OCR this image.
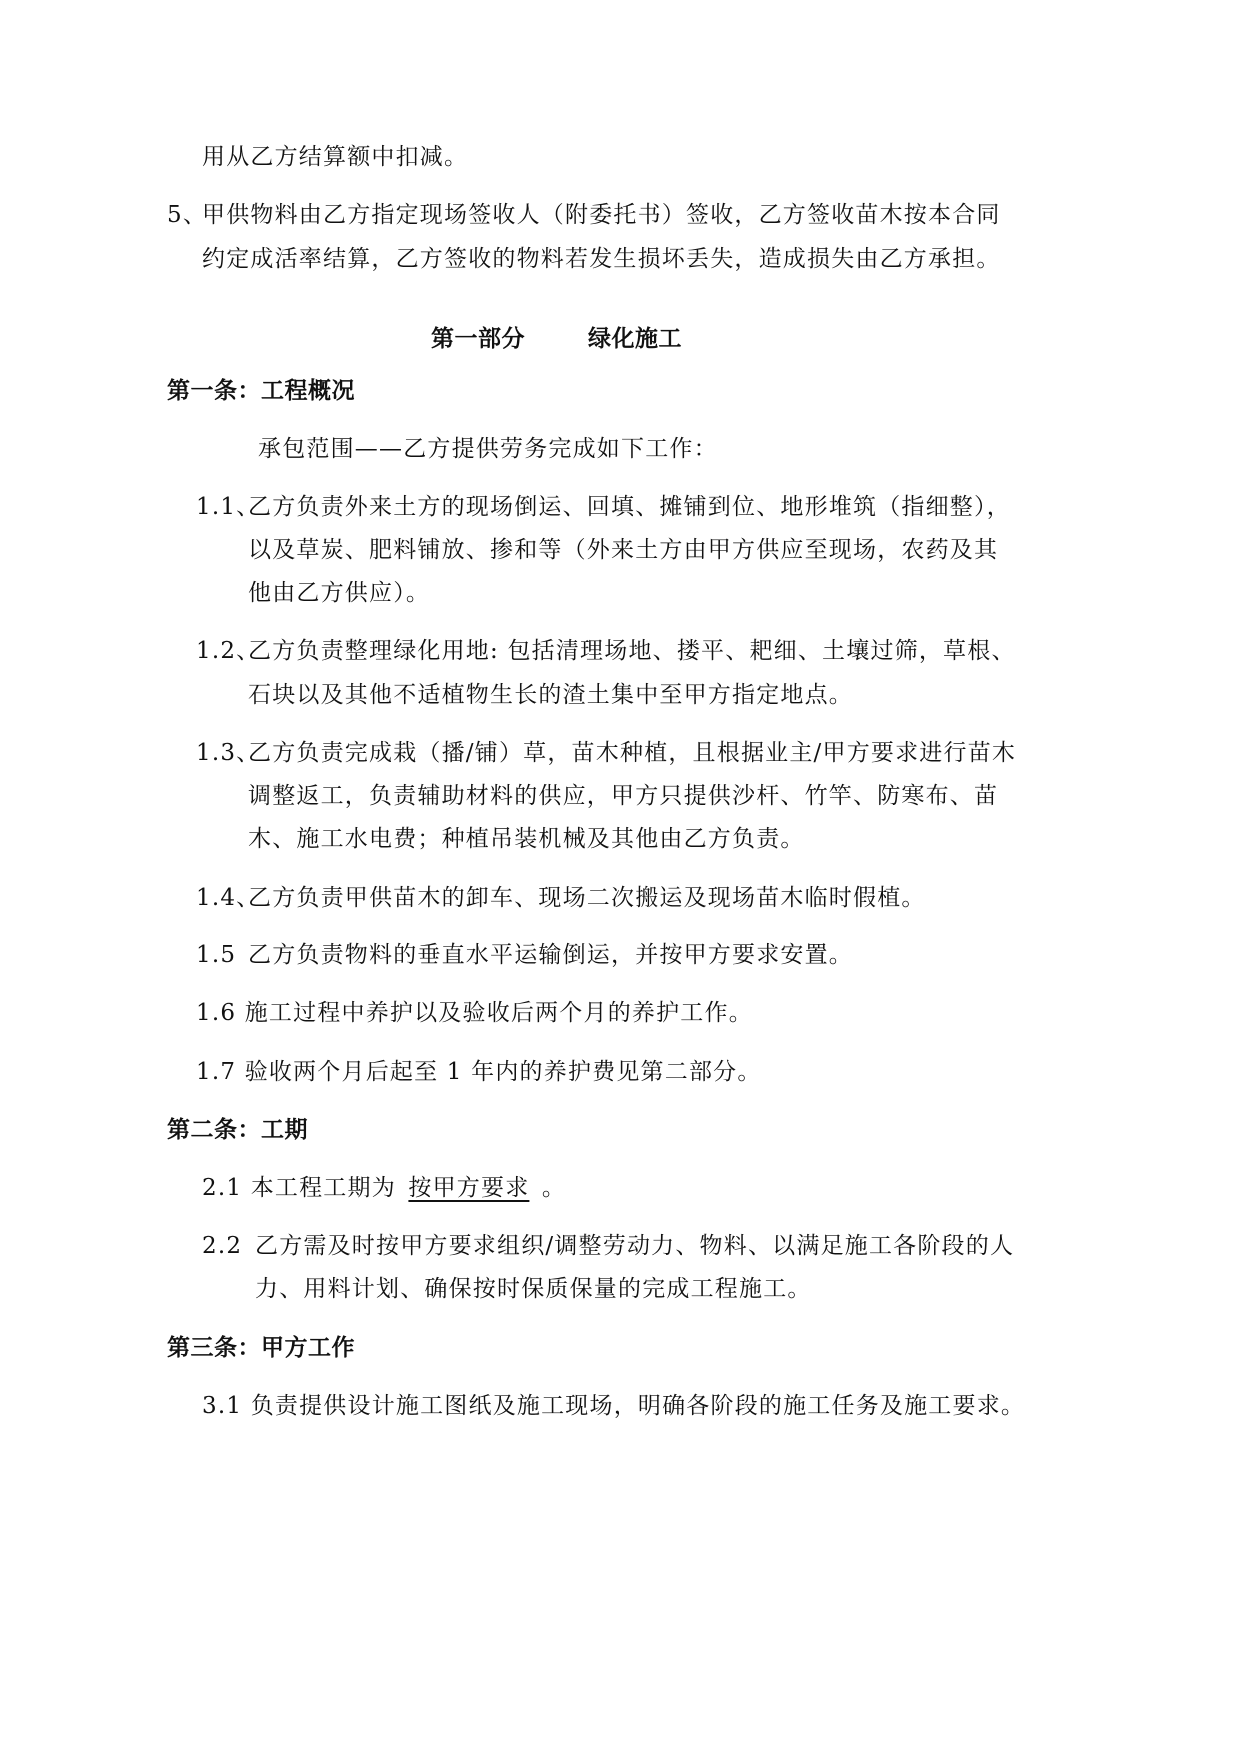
用从乙方结算额中扣减。
5、
甲供物料由乙方指定现场签收人（附委托书）签收，乙方签收苗木按本合同
约定成活率结算，乙方签收的物料若发生损坏丢失，造成损失由乙方承担。
第一部分	绿化施工
第一条：工程概况
承包范围——乙方提供劳务完成如下工作：
1.1、
乙方负责外来土方的现场倒运、回填、摊铺到位、地形堆筑（指细整），
以及草炭、肥料铺放、掺和等（外来土方由甲方供应至现场，农药及其
他由乙方供应）。
1.2、
乙方负责整理绿化用地: 包括清理场地、搂平、耙细、土壤过筛，草根、
石块以及其他不适植物生长的渣土集中至甲方指定地点。
1.3、
乙方负责完成栽（播/铺）草，苗木种植，且根据业主/甲方要求进行苗木
调整返工，负责辅助材料的供应，甲方只提供沙杆、竹竿、防寒布、苗
木、施工水电费；种植吊装机械及其他由乙方负责。
1.4、
乙方负责甲供苗木的卸车、现场二次搬运及现场苗木临时假植。
1.5 乙方负责物料的垂直水平运输倒运，并按甲方要求安置。
1.6 施工过程中养护以及验收后两个月的养护工作。
1.7 验收两个月后起至 1 年内的养护费见第二部分。
第二条：工期
2.1 本工程工期为 按甲方要求 。
2.2 乙方需及时按甲方要求组织/调整劳动力、物料、以满足施工各阶段的人
力、用料计划、确保按时保质保量的完成工程施工。
第三条：甲方工作
3.1 负责提供设计施工图纸及施工现场，明确各阶段的施工任务及施工要求。
